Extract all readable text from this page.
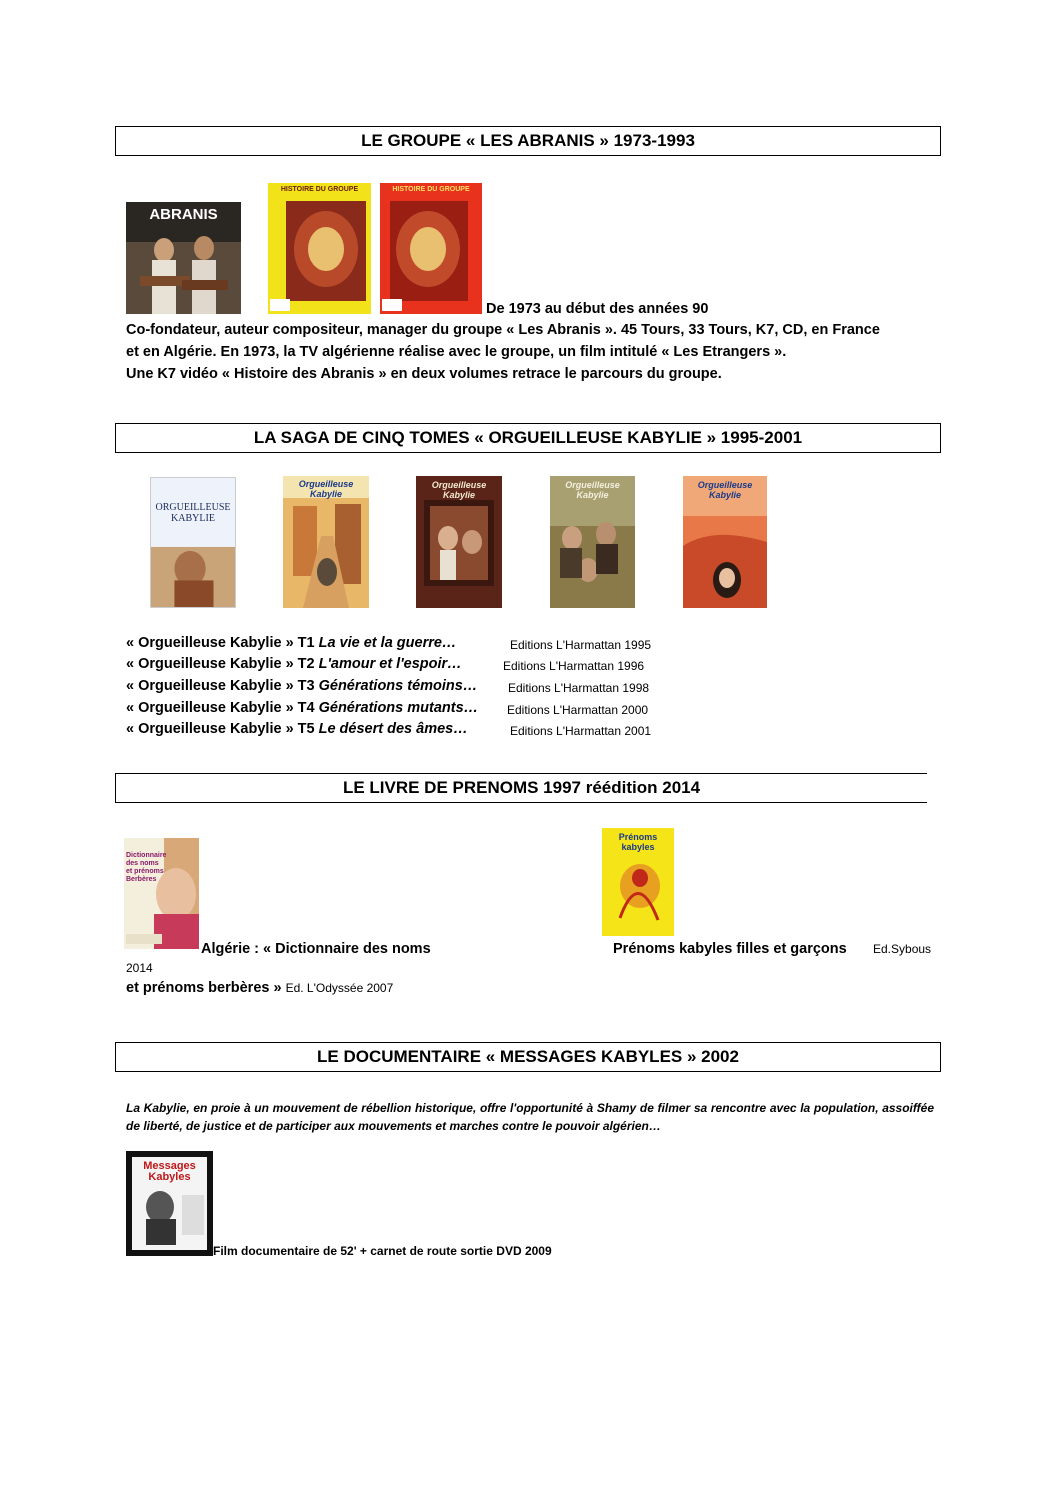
LE GROUPE « LES ABRANIS » 1973-1993
ABRANIS
HISTOIRE DU GROUPE	HISTOIRE DU GROUPE
De 1973 au début des années 90
Co-fondateur, auteur compositeur, manager du groupe « Les Abranis ». 45 Tours, 33 Tours, K7, CD, en France
et en Algérie. En 1973, la TV algérienne réalise avec le groupe, un film intitulé « Les Etrangers ».
Une K7 vidéo « Histoire des Abranis » en deux volumes retrace le parcours du groupe.
LA SAGA DE CINQ TOMES « ORGUEILLEUSE KABYLIE » 1995-2001
ORGUEILLEUSE KABYLIE
Orgueilleuse Kabylie
Orgueilleuse Kabylie
Orgueilleuse Kabylie
Orgueilleuse Kabylie
« Orgueilleuse Kabylie » T1 La vie et la guerre…	Editions L'Harmattan 1995
« Orgueilleuse Kabylie » T2 L'amour et l'espoir…	Editions L'Harmattan 1996
« Orgueilleuse Kabylie » T3 Générations témoins…	Editions L'Harmattan 1998
« Orgueilleuse Kabylie » T4 Générations mutants… Editions L'Harmattan 2000
« Orgueilleuse Kabylie » T5 Le désert des âmes…	Editions L'Harmattan 2001
LE LIVRE DE PRENOMS 1997 réédition 2014
Dictionnaire des noms et prénoms Berbères
Prénoms kabyles
Algérie : « Dictionnaire des noms
2014
et prénoms berbères » Ed. L'Odyssée 2007
Prénoms kabyles filles et garçons Ed.Sybous
LE DOCUMENTAIRE « MESSAGES KABYLES » 2002
La Kabylie, en proie à un mouvement de rébellion historique, offre l'opportunité à Shamy de filmer sa rencontre avec la population, assoiffée de liberté, de justice et de participer aux mouvements et marches contre le pouvoir algérien…
Messages Kabyles
Film documentaire de 52' + carnet de route sortie DVD 2009
